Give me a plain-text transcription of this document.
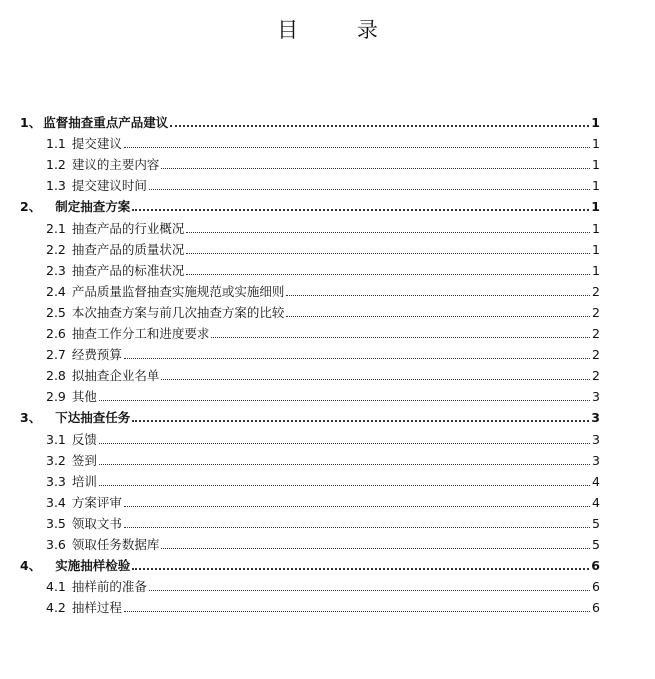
目 录
1、 监督抽查重点产品建议	1
1.1 提交建议	1
1.2 建议的主要内容	1
1.3 提交建议时间	1
2、 制定抽查方案	1
2.1 抽查产品的行业概况	1
2.2 抽查产品的质量状况	1
2.3 抽查产品的标准状况	1
2.4 产品质量监督抽查实施规范或实施细则	2
2.5 本次抽查方案与前几次抽查方案的比较	2
2.6 抽查工作分工和进度要求	2
2.7 经费预算	2
2.8 拟抽查企业名单	2
2.9 其他	3
3、 下达抽查任务	3
3.1 反馈	3
3.2 签到	3
3.3 培训	4
3.4 方案评审	4
3.5 领取文书	5
3.6 领取任务数据库	5
4、 实施抽样检验	6
4.1 抽样前的准备	6
4.2 抽样过程	6
